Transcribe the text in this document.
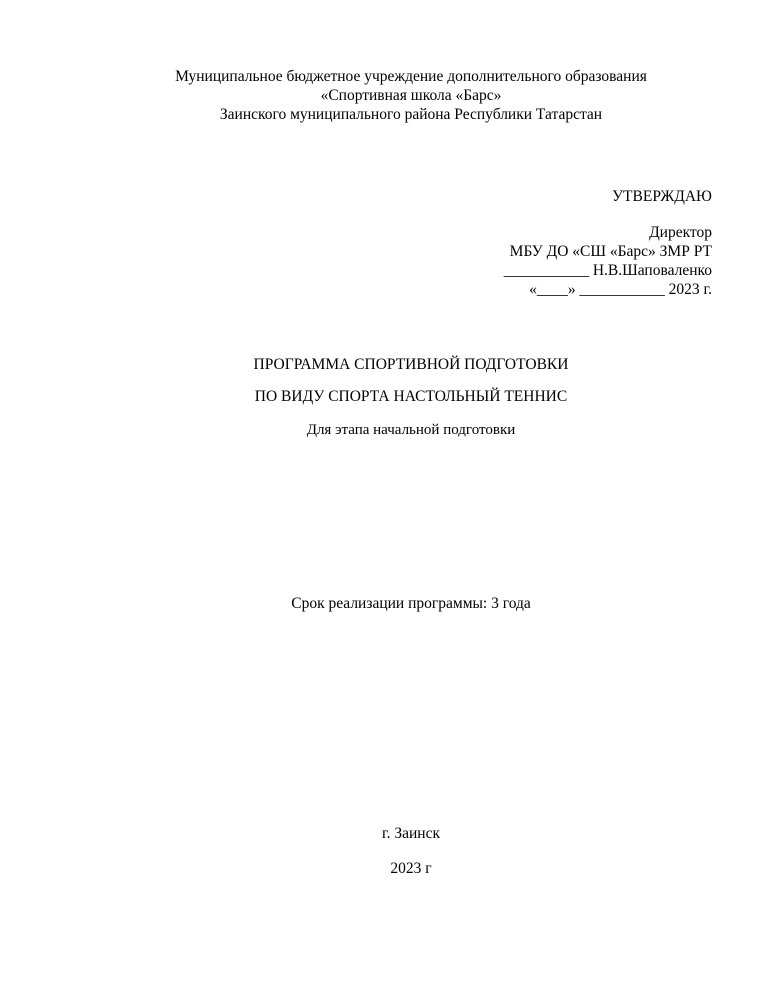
Муниципальное бюджетное учреждение дополнительного образования
«Спортивная школа «Барс»
Заинского муниципального района Республики Татарстан
УТВЕРЖДАЮ
Директор
МБУ ДО «СШ «Барс» ЗМР РТ
___________ Н.В.Шаповаленко
«____» ___________ 2023 г.
ПРОГРАММА СПОРТИВНОЙ ПОДГОТОВКИ
ПО ВИДУ СПОРТА НАСТОЛЬНЫЙ ТЕННИС
Для этапа начальной подготовки
Срок реализации программы: 3 года
г. Заинск
2023 г
